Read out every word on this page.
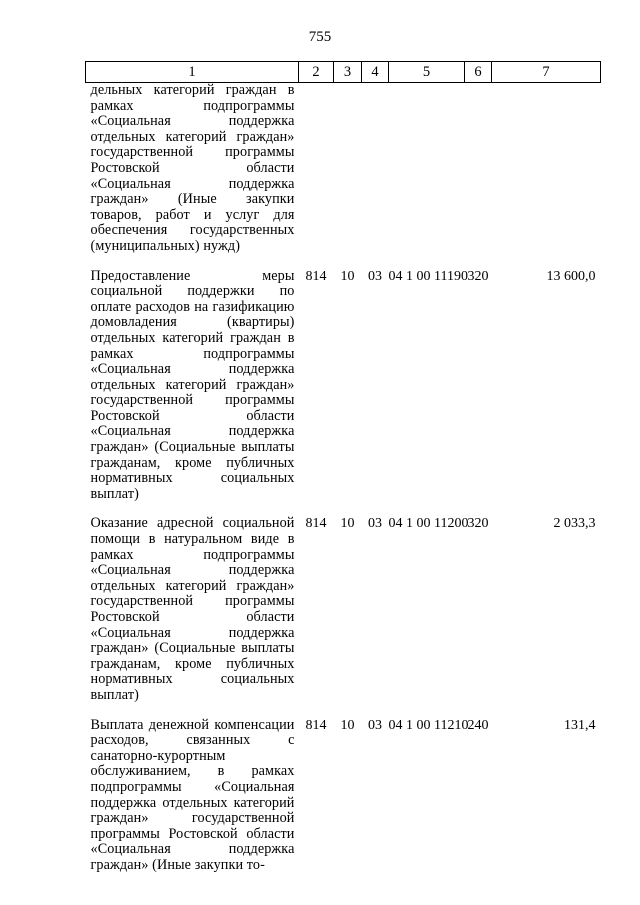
755
1	2	3	4	5	6	7
дельных категорий граждан в рамках подпрограммы «Социальная поддержка отдельных категорий граждан» государственной программы Ростовской области «Социальная поддержка граждан» (Иные закупки товаров, работ и услуг для обеспечения государственных (муниципальных) нужд)						
Предоставление меры социальной поддержки по оплате расходов на газификацию домовладения (квартиры) отдельных категорий граждан в рамках подпрограммы «Социальная поддержка отдельных категорий граждан» государственной программы Ростовской области «Социальная поддержка граждан» (Социальные выплаты гражданам, кроме публичных нормативных социальных выплат)	814	10	03	04 1 00 11190	320	13 600,0
Оказание адресной социальной помощи в натуральном виде в рамках подпрограммы «Социальная поддержка отдельных категорий граждан» государственной программы Ростовской области «Социальная поддержка граждан» (Социальные выплаты гражданам, кроме публичных нормативных социальных выплат)	814	10	03	04 1 00 11200	320	2 033,3
Выплата денежной компенсации расходов, связанных с санаторно-курортным обслуживанием, в рамках подпрограммы «Социальная поддержка отдельных категорий граждан» государственной программы Ростовской области «Социальная поддержка граждан» (Иные закупки то-	814	10	03	04 1 00 11210	240	131,4
